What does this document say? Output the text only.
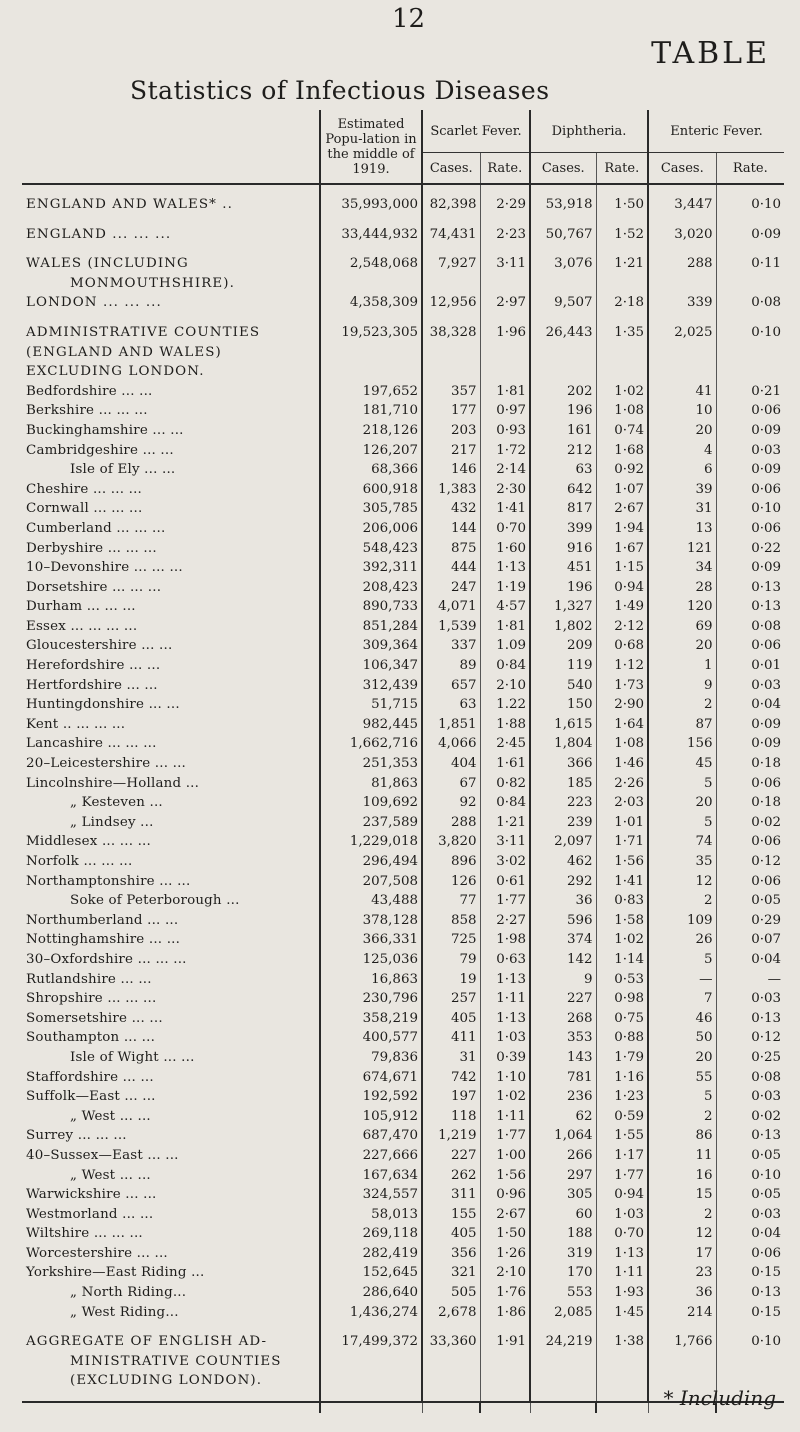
12
TABLE
Statistics of Infectious Diseases
	Estimated Popu-lation in the middle of 1919.	Scarlet Fever.		Diphtheria.		Enteric Fever.	
		Cases.	Rate.	Cases.	Rate.	Cases.	Rate.

ENGLAND AND WALES* ..	35,993,000	82,398	2·29	53,918	1·50	3,447	0·10

ENGLAND ... ... ...	33,444,932	74,431	2·23	50,767	1·52	3,020	0·09

WALES (INCLUDING	2,548,068	7,927	3·11	3,076	1·21	288	0·11
MONMOUTHSHIRE).							
LONDON ... ... ...	4,358,309	12,956	2·97	9,507	2·18	339	0·08

ADMINISTRATIVE COUNTIES	19,523,305	38,328	1·96	26,443	1·35	2,025	0·10
(ENGLAND AND WALES)							
EXCLUDING LONDON.							
Bedfordshire ... ...	197,652	357	1·81	202	1·02	41	0·21
Berkshire ... ... ...	181,710	177	0·97	196	1·08	10	0·06
Buckinghamshire ... ...	218,126	203	0·93	161	0·74	20	0·09
Cambridgeshire ... ...	126,207	217	1·72	212	1·68	4	0·03
Isle of Ely ... ...	68,366	146	2·14	63	0·92	6	0·09
Cheshire ... ... ...	600,918	1,383	2·30	642	1·07	39	0·06
Cornwall ... ... ...	305,785	432	1·41	817	2·67	31	0·10
Cumberland ... ... ...	206,006	144	0·70	399	1·94	13	0·06
Derbyshire ... ... ...	548,423	875	1·60	916	1·67	121	0·22
10–Devonshire ... ... ...	392,311	444	1·13	451	1·15	34	0·09
Dorsetshire ... ... ...	208,423	247	1·19	196	0·94	28	0·13
Durham ... ... ...	890,733	4,071	4·57	1,327	1·49	120	0·13
Essex ... ... ... ...	851,284	1,539	1·81	1,802	2·12	69	0·08
Gloucestershire ... ...	309,364	337	1.09	209	0·68	20	0·06
Herefordshire ... ...	106,347	89	0·84	119	1·12	1	0·01
Hertfordshire ... ...	312,439	657	2·10	540	1·73	9	0·03
Huntingdonshire ... ...	51,715	63	1.22	150	2·90	2	0·04
Kent .. ... ... ...	982,445	1,851	1·88	1,615	1·64	87	0·09
Lancashire ... ... ...	1,662,716	4,066	2·45	1,804	1·08	156	0·09
20–Leicestershire ... ...	251,353	404	1·61	366	1·46	45	0·18
Lincolnshire—Holland ...	81,863	67	0·82	185	2·26	5	0·06
„ Kesteven ...	109,692	92	0·84	223	2·03	20	0·18
„ Lindsey ...	237,589	288	1·21	239	1·01	5	0·02
Middlesex ... ... ...	1,229,018	3,820	3·11	2,097	1·71	74	0·06
Norfolk ... ... ...	296,494	896	3·02	462	1·56	35	0·12
Northamptonshire ... ...	207,508	126	0·61	292	1·41	12	0·06
Soke of Peterborough ...	43,488	77	1·77	36	0·83	2	0·05
Northumberland ... ...	378,128	858	2·27	596	1·58	109	0·29
Nottinghamshire ... ...	366,331	725	1·98	374	1·02	26	0·07
30–Oxfordshire ... ... ...	125,036	79	0·63	142	1·14	5	0·04
Rutlandshire ... ...	16,863	19	1·13	9	0·53	—	—
Shropshire ... ... ...	230,796	257	1·11	227	0·98	7	0·03
Somersetshire ... ...	358,219	405	1·13	268	0·75	46	0·13
Southampton ... ...	400,577	411	1·03	353	0·88	50	0·12
Isle of Wight ... ...	79,836	31	0·39	143	1·79	20	0·25
Staffordshire ... ...	674,671	742	1·10	781	1·16	55	0·08
Suffolk—East ... ...	192,592	197	1·02	236	1·23	5	0·03
„ West ... ...	105,912	118	1·11	62	0·59	2	0·02
Surrey ... ... ...	687,470	1,219	1·77	1,064	1·55	86	0·13
40–Sussex—East ... ...	227,666	227	1·00	266	1·17	11	0·05
„ West ... ...	167,634	262	1·56	297	1·77	16	0·10
Warwickshire ... ...	324,557	311	0·96	305	0·94	15	0·05
Westmorland ... ...	58,013	155	2·67	60	1·03	2	0·03
Wiltshire ... ... ...	269,118	405	1·50	188	0·70	12	0·04
Worcestershire ... ...	282,419	356	1·26	319	1·13	17	0·06
Yorkshire—East Riding ...	152,645	321	2·10	170	1·11	23	0·15
„ North Riding...	286,640	505	1·76	553	1·93	36	0·13
„ West Riding...	1,436,274	2,678	1·86	2,085	1·45	214	0·15

AGGREGATE OF ENGLISH AD-	17,499,372	33,360	1·91	24,219	1·38	1,766	0·10
MINISTRATIVE COUNTIES							
(EXCLUDING LONDON).							

* Including
